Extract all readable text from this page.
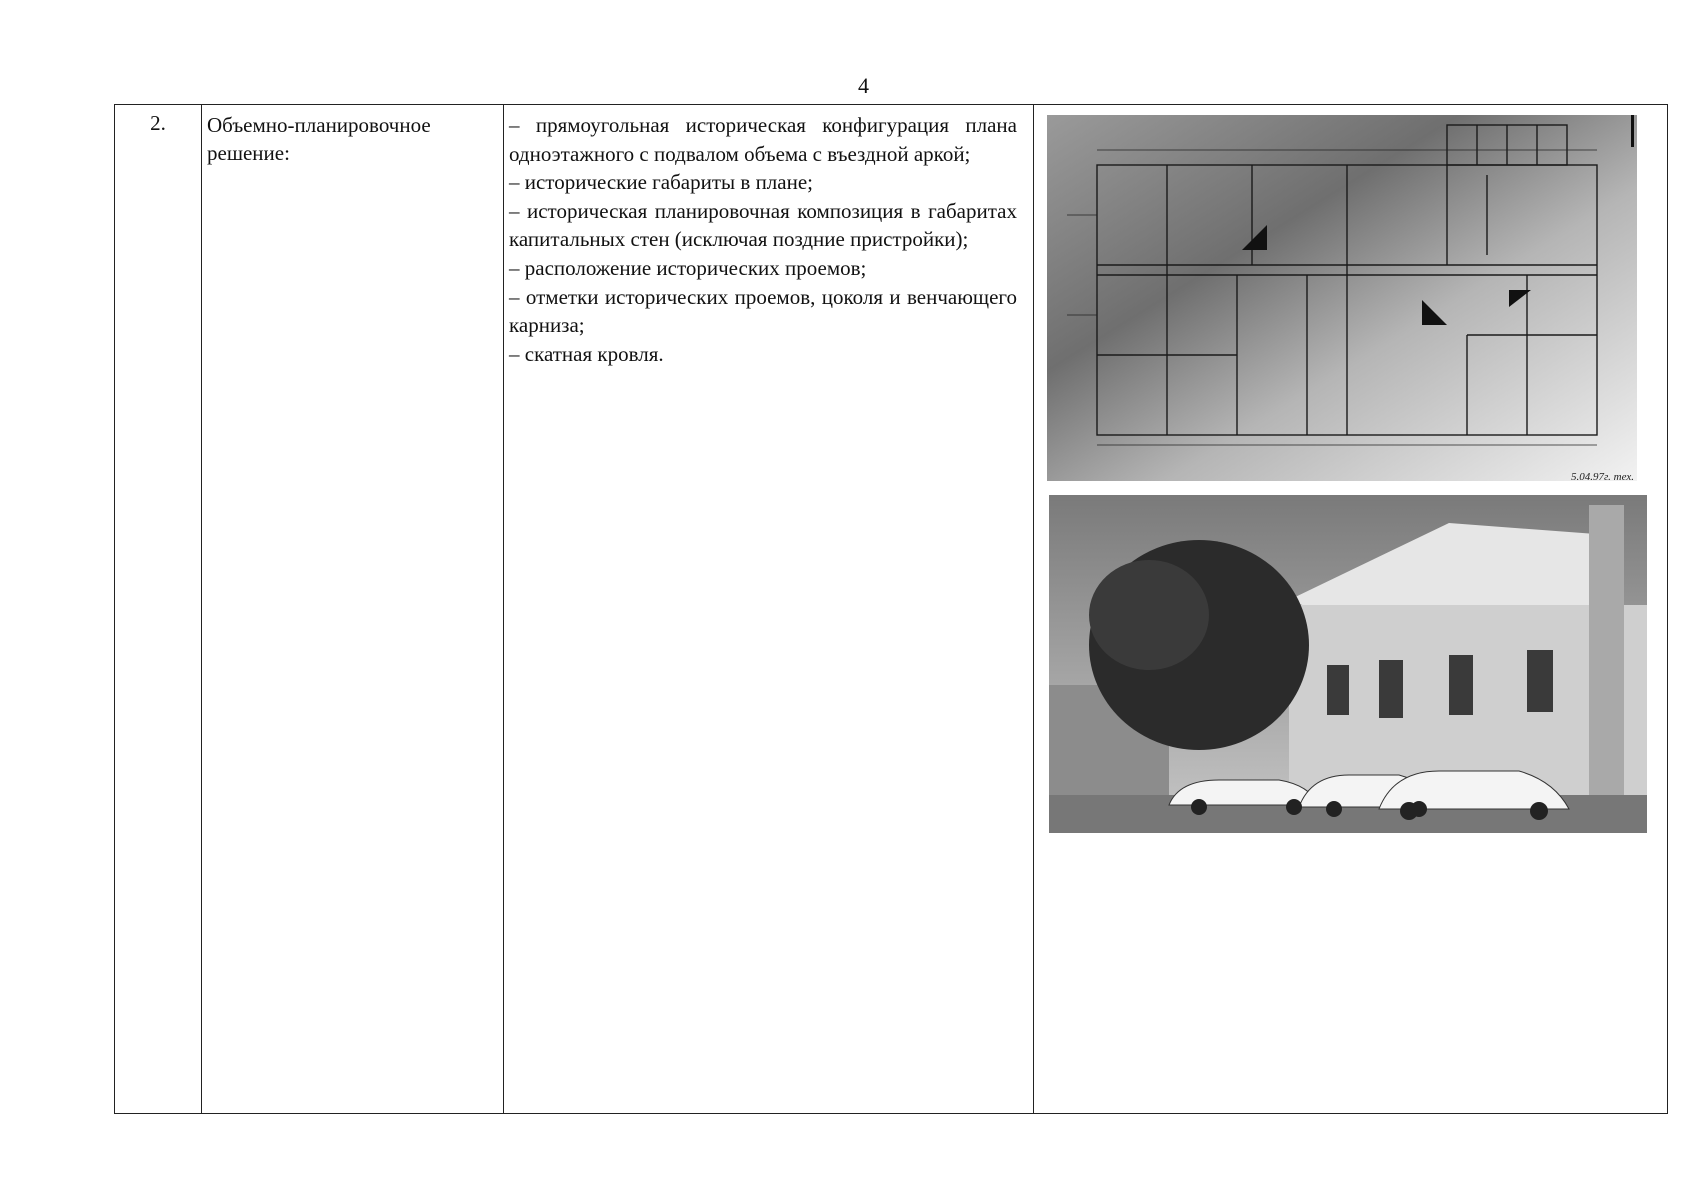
4
2.	Объемно-планировочное решение:
– прямоугольная историческая конфигурация плана одноэтажного с подвалом объема с въездной аркой;
– исторические габариты в плане;
– историческая планировочная композиция в габаритах капитальных стен (исключая поздние пристройки);
– расположение исторических проемов;
– отметки исторических проемов, цоколя и венчающего карниза;
– скатная кровля.
5.04.97г. тех.
